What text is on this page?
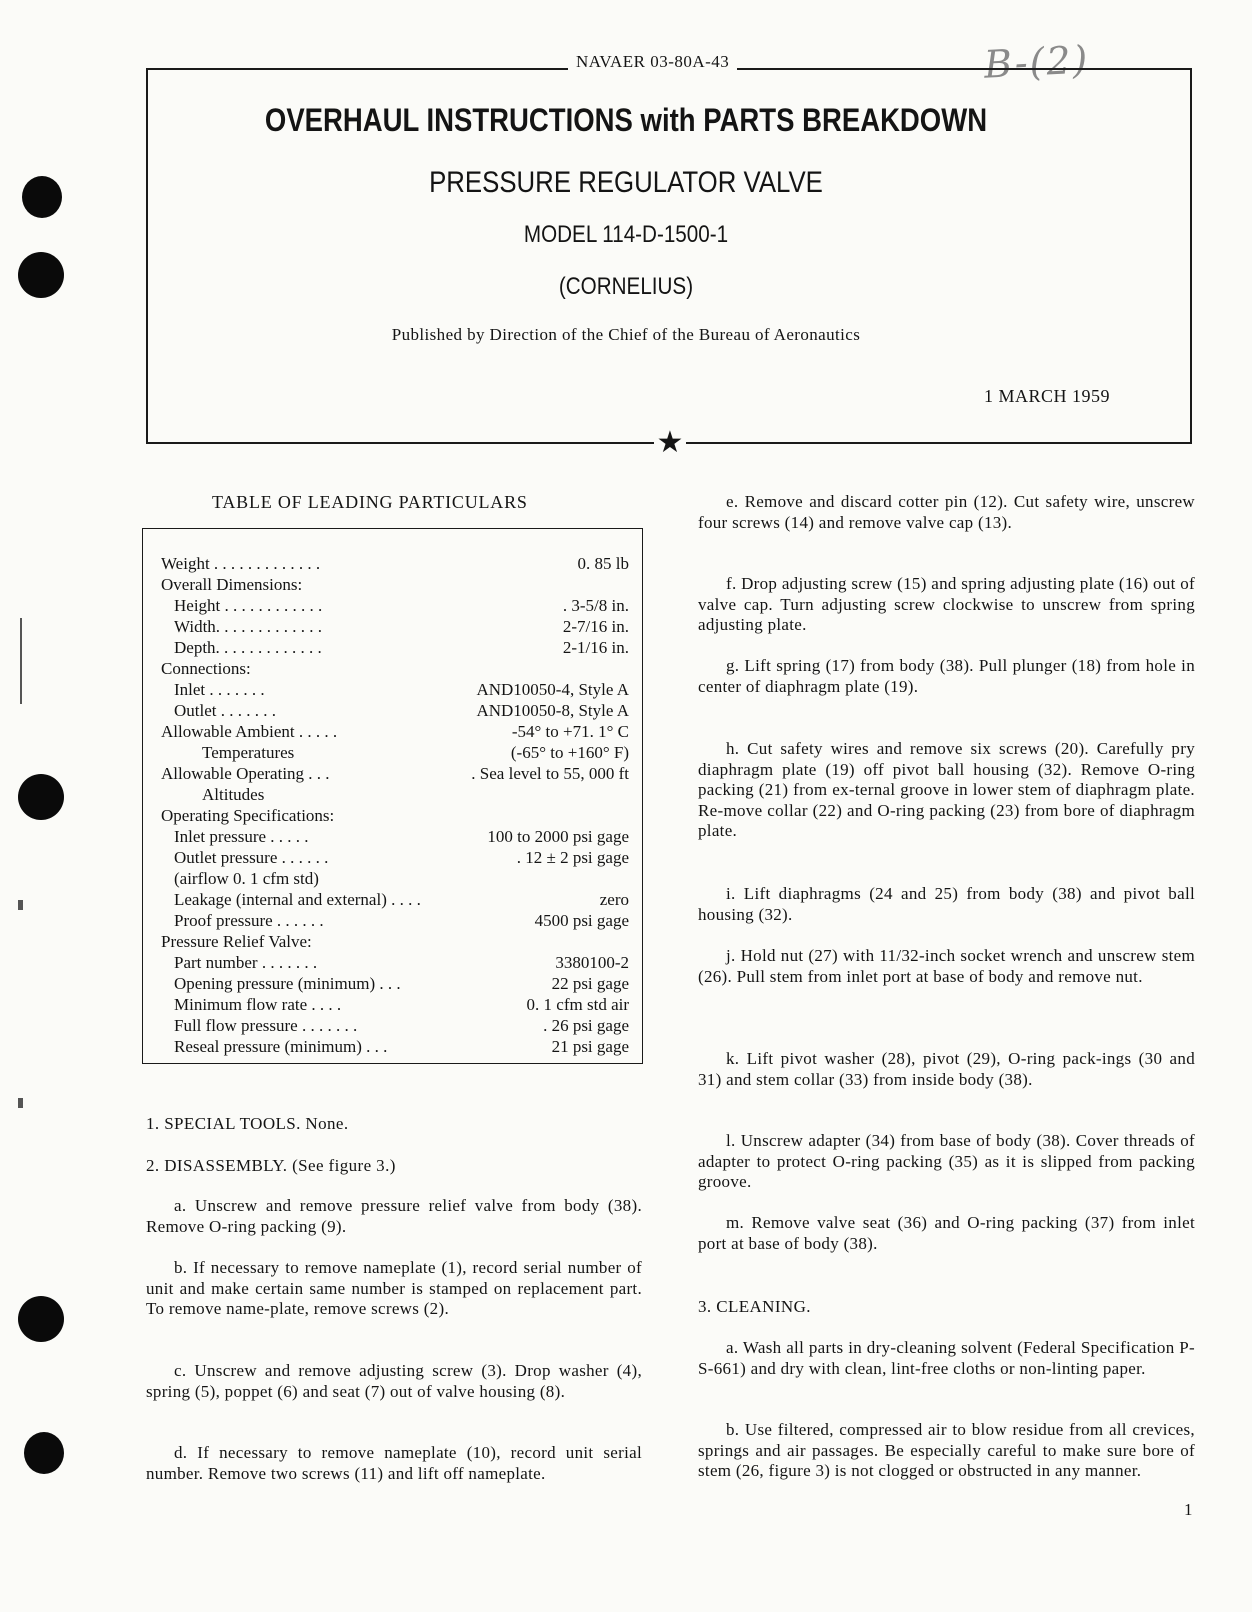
NAVAER 03-80A-43	B-(2)
OVERHAUL INSTRUCTIONS with PARTS BREAKDOWN
PRESSURE REGULATOR VALVE
MODEL 114-D-1500-1
(CORNELIUS)
Published by Direction of the Chief of the Bureau of Aeronautics
1 MARCH 1959
★
TABLE OF LEADING PARTICULARS
Weight . . . . . . . . . . . . .	0. 85 lb
Overall Dimensions:
Height . . . . . . . . . . . .	. 3-5/8 in.
Width. . . . . . . . . . . . .	2-7/16 in.
Depth. . . . . . . . . . . . .	2-1/16 in.
Connections:
Inlet . . . . . . .	AND10050-4, Style A
Outlet . . . . . . .	AND10050-8, Style A
Allowable Ambient . . . . .	-54° to +71. 1° C
Temperatures	(-65° to +160° F)
Allowable Operating . . .	. Sea level to 55, 000 ft
Altitudes
Operating Specifications:
Inlet pressure . . . . .	100 to 2000 psi gage
Outlet pressure . . . . . .	. 12 ± 2 psi gage
(airflow 0. 1 cfm std)
Leakage (internal and external) . . . .	zero
Proof pressure . . . . . .	4500 psi gage
Pressure Relief Valve:
Part number . . . . . . .	3380100-2
Opening pressure (minimum) . . .	22 psi gage
Minimum flow rate . . . .	0. 1 cfm std air
Full flow pressure . . . . . . .	. 26 psi gage
Reseal pressure (minimum) . . .	21 psi gage
1. SPECIAL TOOLS. None.
2. DISASSEMBLY. (See figure 3.)
a. Unscrew and remove pressure relief valve from body (38). Remove O-ring packing (9).
b. If necessary to remove nameplate (1), record serial number of unit and make certain same number is stamped on replacement part. To remove name-plate, remove screws (2).
c. Unscrew and remove adjusting screw (3). Drop washer (4), spring (5), poppet (6) and seat (7) out of valve housing (8).
d. If necessary to remove nameplate (10), record unit serial number. Remove two screws (11) and lift off nameplate.
e. Remove and discard cotter pin (12). Cut safety wire, unscrew four screws (14) and remove valve cap (13).
f. Drop adjusting screw (15) and spring adjusting plate (16) out of valve cap. Turn adjusting screw clockwise to unscrew from spring adjusting plate.
g. Lift spring (17) from body (38). Pull plunger (18) from hole in center of diaphragm plate (19).
h. Cut safety wires and remove six screws (20). Carefully pry diaphragm plate (19) off pivot ball housing (32). Remove O-ring packing (21) from ex-ternal groove in lower stem of diaphragm plate. Re-move collar (22) and O-ring packing (23) from bore of diaphragm plate.
i. Lift diaphragms (24 and 25) from body (38) and pivot ball housing (32).
j. Hold nut (27) with 11/32-inch socket wrench and unscrew stem (26). Pull stem from inlet port at base of body and remove nut.
k. Lift pivot washer (28), pivot (29), O-ring pack-ings (30 and 31) and stem collar (33) from inside body (38).
l. Unscrew adapter (34) from base of body (38). Cover threads of adapter to protect O-ring packing (35) as it is slipped from packing groove.
m. Remove valve seat (36) and O-ring packing (37) from inlet port at base of body (38).
3. CLEANING.
a. Wash all parts in dry-cleaning solvent (Federal Specification P-S-661) and dry with clean, lint-free cloths or non-linting paper.
b. Use filtered, compressed air to blow residue from all crevices, springs and air passages. Be especially careful to make sure bore of stem (26, figure 3) is not clogged or obstructed in any manner.
1
